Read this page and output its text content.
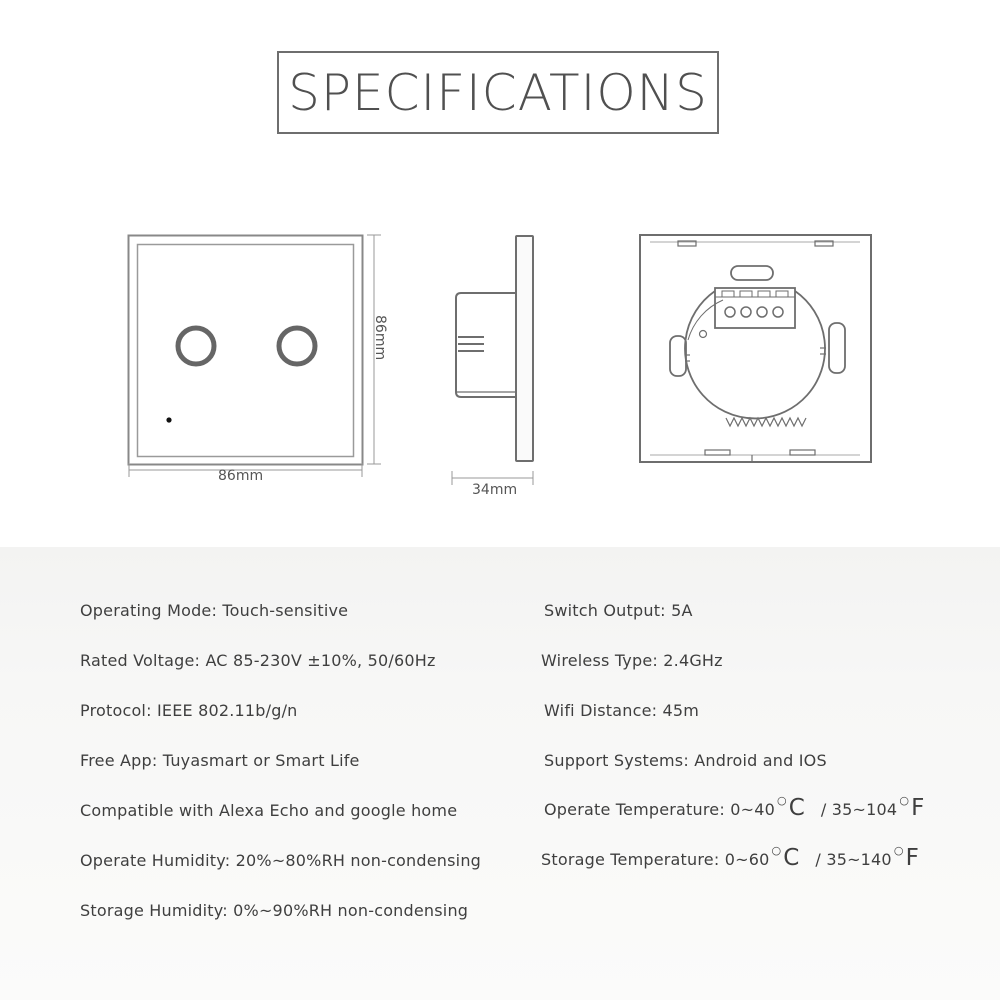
SPECIFICATIONS
86mm
86mm
34mm
Operating Mode: Touch-sensitive
Rated Voltage: AC 85-230V ±10%, 50/60Hz
Protocol: IEEE 802.11b/g/n
Free App: Tuyasmart or Smart Life
Compatible with Alexa Echo and google home
Operate Humidity: 20%~80%RH non-condensing
Storage Humidity: 0%~90%RH non-condensing
Switch Output: 5A
Wireless Type: 2.4GHz
Wifi Distance: 45m
Support Systems: Android and IOS
Operate Temperature: 0~40 ○C / 35~104 ○F
Storage Temperature: 0~60 ○C / 35~140 ○F
